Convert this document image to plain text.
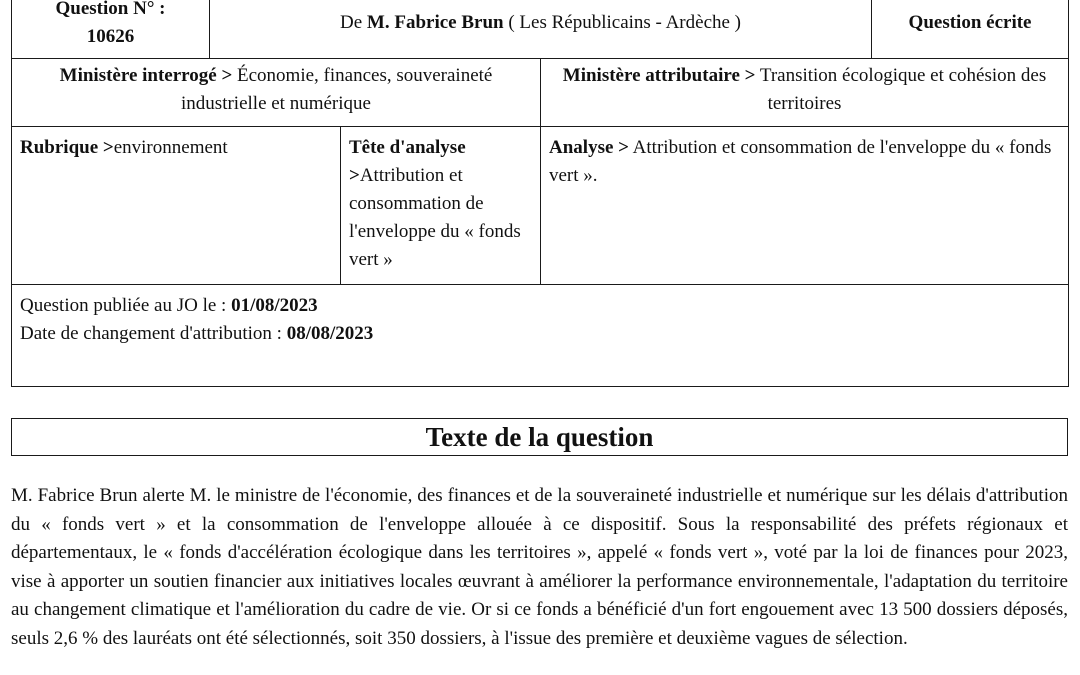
Question N° :
10626	De M. Fabrice Brun ( Les Républicains - Ardèche )			Question écrite
Ministère interrogé > Économie, finances, souveraineté industrielle et numérique			Ministère attributaire > Transition écologique et cohésion des territoires	
Rubrique >environnement		Tête d'analyse >Attribution et consommation de l'enveloppe du « fonds vert »	Analyse > Attribution et consommation de l'enveloppe du « fonds vert ».	
Question publiée au JO le : 01/08/2023
Date de changement d'attribution : 08/08/2023				
Texte de la question

M. Fabrice Brun alerte M. le ministre de l'économie, des finances et de la souveraineté industrielle et numérique sur les délais d'attribution du « fonds vert » et la consommation de l'enveloppe allouée à ce dispositif. Sous la responsabilité des préfets régionaux et départementaux, le « fonds d'accélération écologique dans les territoires », appelé « fonds vert », voté par la loi de finances pour 2023, vise à apporter un soutien financier aux initiatives locales œuvrant à améliorer la performance environnementale, l'adaptation du territoire au changement climatique et l'amélioration du cadre de vie. Or si ce fonds a bénéficié d'un fort engouement avec 13 500 dossiers déposés, seuls 2,6 % des lauréats ont été sélectionnés, soit 350 dossiers, à l'issue des première et deuxième vagues de sélection.
